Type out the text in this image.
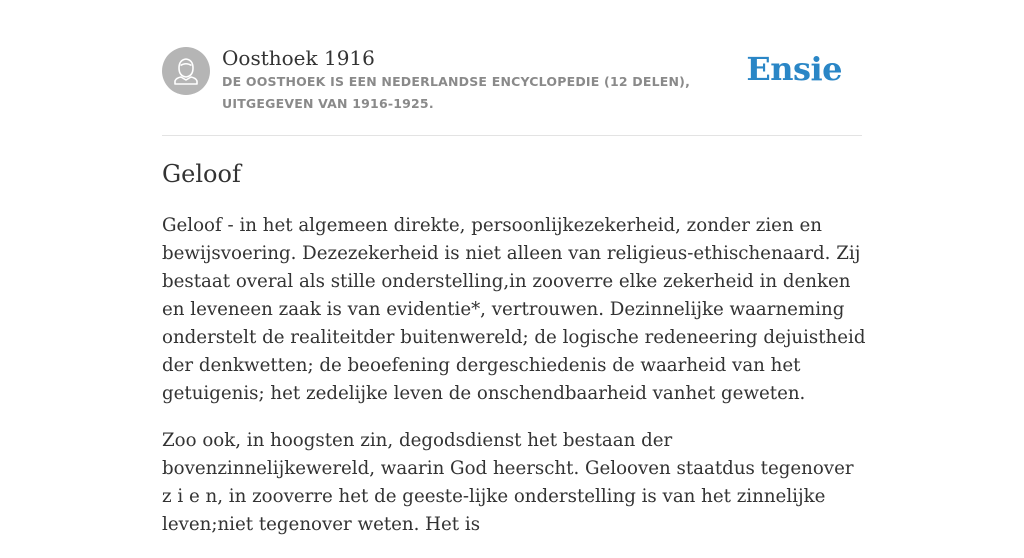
Oosthoek 1916

DE OOSTHOEK IS EEN NEDERLANDSE ENCYCLOPEDIE (12 DELEN), UITGEGEVEN VAN 1916-1925.

Ensie
Geloof

Geloof - in het algemeen direkte, persoonlijkezekerheid, zonder zien en bewijsvoering. Dezezekerheid is niet alleen van religieus-ethischenaard. Zij bestaat overal als stille onderstelling,in zooverre elke zekerheid in denken en leveneen zaak is van evidentie*, vertrouwen. Dezinnelijke waarneming onderstelt de realiteitder buitenwereld; de logische redeneering dejuistheid der denkwetten; de beoefening dergeschiedenis de waarheid van het getuigenis; het zedelijke leven de onschendbaarheid vanhet geweten.

Zoo ook, in hoogsten zin, degodsdienst het bestaan der bovenzinnelijkewereld, waarin God heerscht. Gelooven staatdus tegenover z i e n, in zooverre het de geeste-lijke onderstelling is van het zinnelijke leven;niet tegenover weten. Het is
